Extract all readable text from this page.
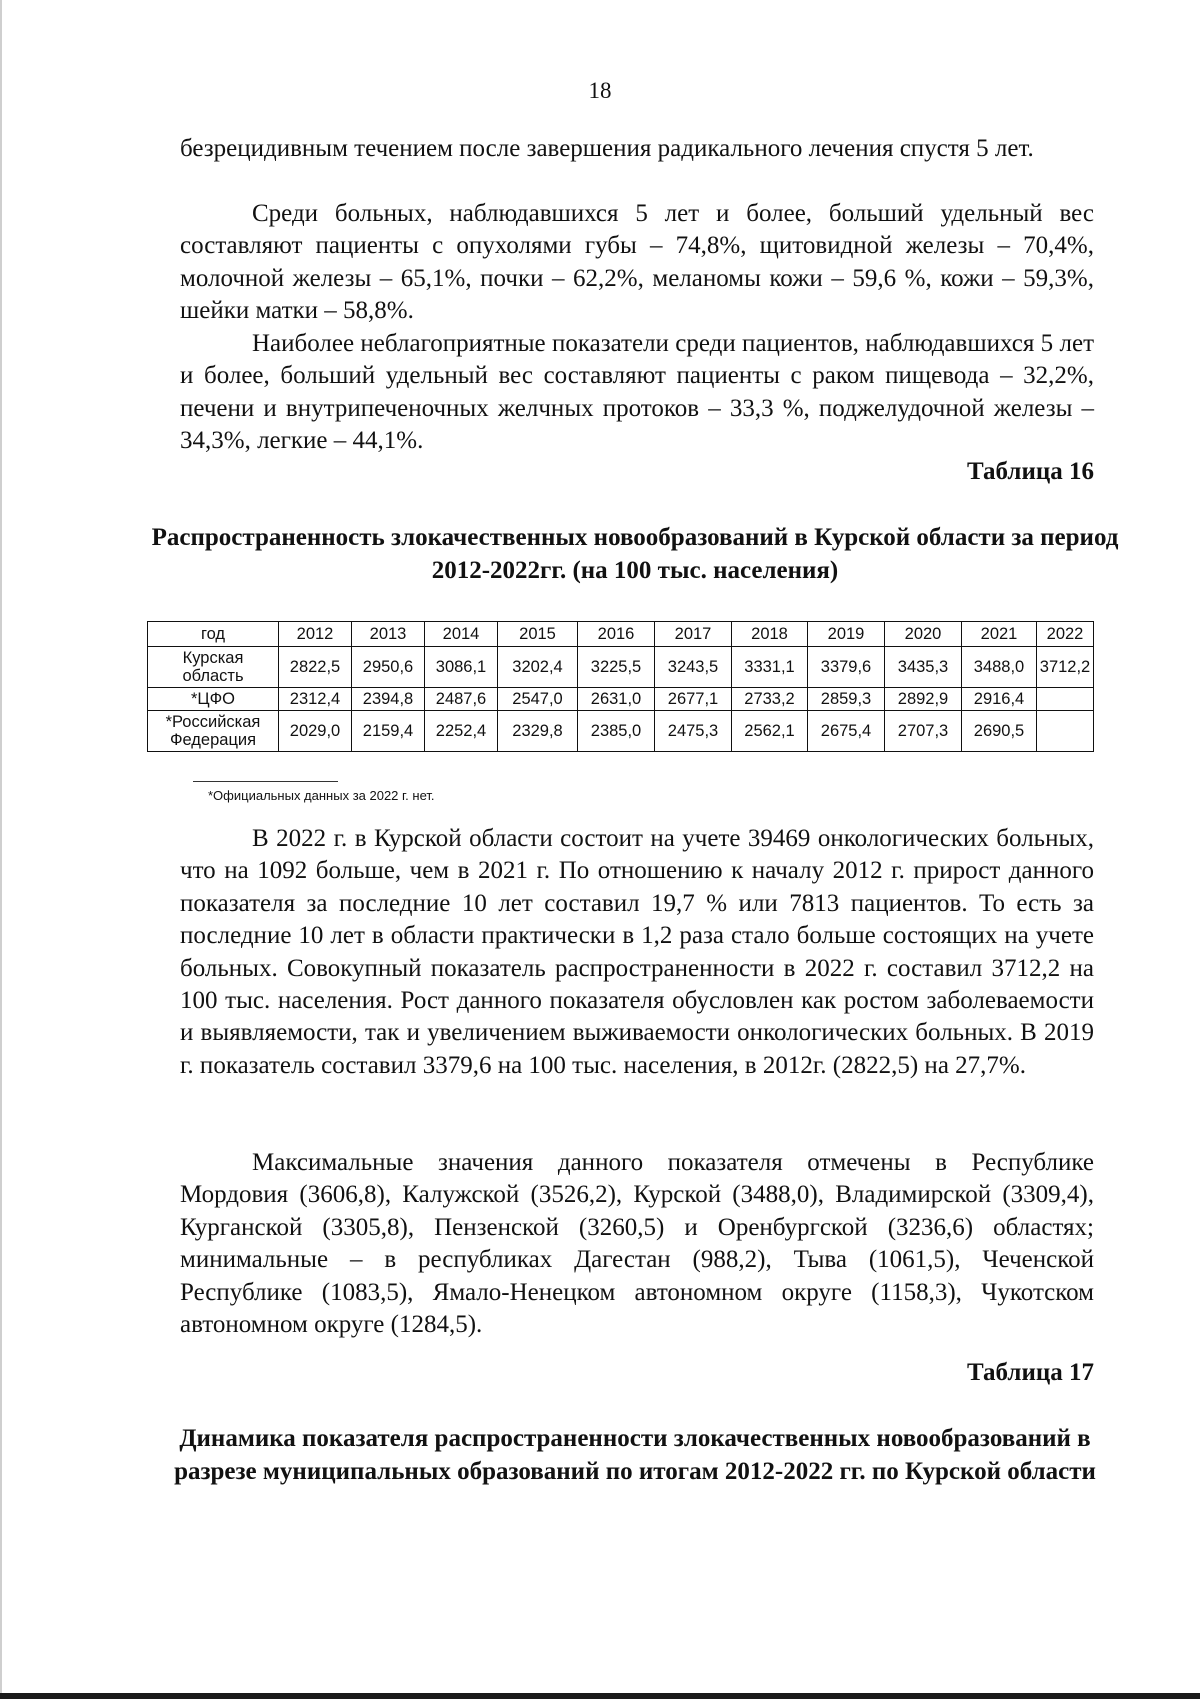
18

безрецидивным течением после завершения радикального лечения спустя 5 лет.

Среди больных, наблюдавшихся 5 лет и более, больший удельный вес составляют пациенты с опухолями губы – 74,8%, щитовидной железы – 70,4%, молочной железы – 65,1%, почки – 62,2%, меланомы кожи – 59,6 %, кожи – 59,3%, шейки матки – 58,8%.

Наиболее неблагоприятные показатели среди пациентов, наблюдавшихся 5 лет и более, больший удельный вес составляют пациенты с раком пищевода – 32,2%, печени и внутрипеченочных желчных протоков – 33,3 %, поджелудочной железы – 34,3%, легкие – 44,1%.

Таблица 16

Распространенность злокачественных новообразований в Курской области за период 2012-2022гг. (на 100 тыс. населения)

год	2012	2013	2014	2015	2016	2017	2018	2019	2020	2021	2022
Курская область	2822,5	2950,6	3086,1	3202,4	3225,5	3243,5	3331,1	3379,6	3435,3	3488,0	3712,2
*ЦФО	2312,4	2394,8	2487,6	2547,0	2631,0	2677,1	2733,2	2859,3	2892,9	2916,4	
*Российская Федерация	2029,0	2159,4	2252,4	2329,8	2385,0	2475,3	2562,1	2675,4	2707,3	2690,5	
*Официальных данных за 2022 г. нет.

В 2022 г. в Курской области состоит на учете 39469 онкологических больных, что на 1092 больше, чем в 2021 г. По отношению к началу 2012 г. прирост данного показателя за последние 10 лет составил 19,7 % или 7813 пациентов. То есть за последние 10 лет в области практически в 1,2 раза стало больше состоящих на учете больных. Совокупный показатель распространенности в 2022 г. составил 3712,2 на 100 тыс. населения. Рост данного показателя обусловлен как ростом заболеваемости и выявляемости, так и увеличением выживаемости онкологических больных. В 2019 г. показатель составил 3379,6 на 100 тыс. населения, в 2012г. (2822,5) на 27,7%.

Максимальные значения данного показателя отмечены в Республике Мордовия (3606,8), Калужской (3526,2), Курской (3488,0), Владимирской (3309,4), Курганской (3305,8), Пензенской (3260,5) и Оренбургской (3236,6) областях; минимальные – в республиках Дагестан (988,2), Тыва (1061,5), Чеченской Республике (1083,5), Ямало-Ненецком автономном округе (1158,3), Чукотском автономном округе (1284,5).

Таблица 17

Динамика показателя распространенности злокачественных новообразований в разрезе муниципальных образований по итогам 2012-2022 гг. по Курской области
